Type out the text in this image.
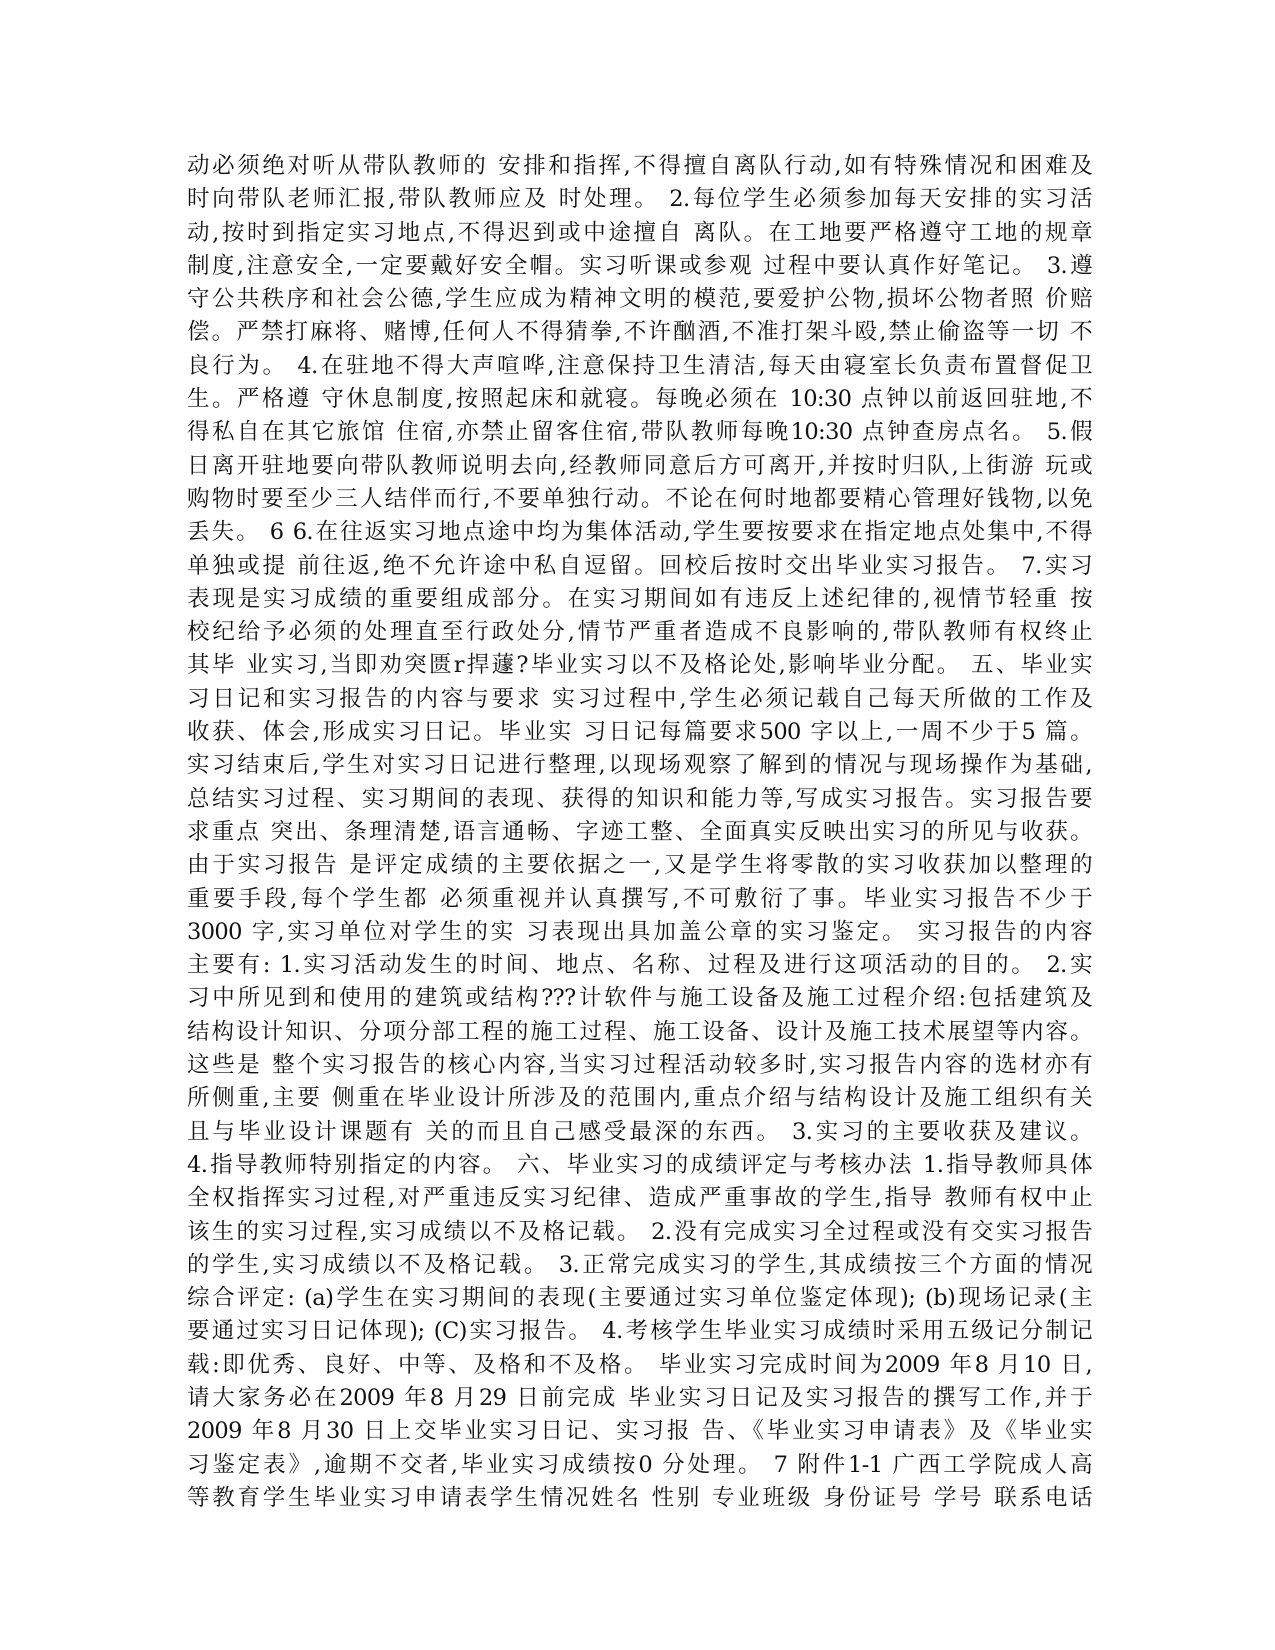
动必须绝对听从带队教师的 安排和指挥,不得擅自离队行动,如有特殊情况和困难及
时向带队老师汇报,带队教师应及 时处理。 2.每位学生必须参加每天安排的实习活
动,按时到指定实习地点,不得迟到或中途擅自 离队。在工地要严格遵守工地的规章
制度,注意安全,一定要戴好安全帽。实习听课或参观 过程中要认真作好笔记。 3.遵
守公共秩序和社会公德,学生应成为精神文明的模范,要爱护公物,损坏公物者照 价赔
偿。严禁打麻将、赌博,任何人不得猜拳,不许酗酒,不准打架斗殴,禁止偷盗等一切 不
良行为。 4.在驻地不得大声喧哗,注意保持卫生清洁,每天由寝室长负责布置督促卫
生。严格遵 守休息制度,按照起床和就寝。每晚必须在 10:30 点钟以前返回驻地,不
得私自在其它旅馆 住宿,亦禁止留客住宿,带队教师每晚10:30 点钟查房点名。 5.假
日离开驻地要向带队教师说明去向,经教师同意后方可离开,并按时归队,上街游 玩或
购物时要至少三人结伴而行,不要单独行动。不论在何时地都要精心管理好钱物,以免
丢失。 6 6.在往返实习地点途中均为集体活动,学生要按要求在指定地点处集中,不得
单独或提 前往返,绝不允许途中私自逗留。回校后按时交出毕业实习报告。 7.实习
表现是实习成绩的重要组成部分。在实习期间如有违反上述纪律的,视情节轻重 按
校纪给予必须的处理直至行政处分,情节严重者造成不良影响的,带队教师有权终止
其毕 业实习,当即劝突匮r捍蘧?毕业实习以不及格论处,影响毕业分配。 五、毕业实
习日记和实习报告的内容与要求 实习过程中,学生必须记载自己每天所做的工作及
收获、体会,形成实习日记。毕业实 习日记每篇要求500 字以上,一周不少于5 篇。
实习结束后,学生对实习日记进行整理,以现场观察了解到的情况与现场操作为基础,
总结实习过程、实习期间的表现、获得的知识和能力等,写成实习报告。实习报告要
求重点 突出、条理清楚,语言通畅、字迹工整、全面真实反映出实习的所见与收获。
由于实习报告 是评定成绩的主要依据之一,又是学生将零散的实习收获加以整理的
重要手段,每个学生都 必须重视并认真撰写,不可敷衍了事。毕业实习报告不少于
3000 字,实习单位对学生的实 习表现出具加盖公章的实习鉴定。 实习报告的内容
主要有: 1.实习活动发生的时间、地点、名称、过程及进行这项活动的目的。 2.实
习中所见到和使用的建筑或结构???计软件与施工设备及施工过程介绍:包括建筑及
结构设计知识、分项分部工程的施工过程、施工设备、设计及施工技术展望等内容。
这些是 整个实习报告的核心内容,当实习过程活动较多时,实习报告内容的选材亦有
所侧重,主要 侧重在毕业设计所涉及的范围内,重点介绍与结构设计及施工组织有关
且与毕业设计课题有 关的而且自己感受最深的东西。 3.实习的主要收获及建议。
4.指导教师特别指定的内容。 六、毕业实习的成绩评定与考核办法 1.指导教师具体
全权指挥实习过程,对严重违反实习纪律、造成严重事故的学生,指导 教师有权中止
该生的实习过程,实习成绩以不及格记载。 2.没有完成实习全过程或没有交实习报告
的学生,实习成绩以不及格记载。 3.正常完成实习的学生,其成绩按三个方面的情况
综合评定: (a)学生在实习期间的表现(主要通过实习单位鉴定体现); (b)现场记录(主
要通过实习日记体现); (C)实习报告。 4.考核学生毕业实习成绩时采用五级记分制记
载:即优秀、良好、中等、及格和不及格。 毕业实习完成时间为2009 年8 月10 日,
请大家务必在2009 年8 月29 日前完成 毕业实习日记及实习报告的撰写工作,并于
2009 年8 月30 日上交毕业实习日记、实习报 告、《毕业实习申请表》及《毕业实
习鉴定表》,逾期不交者,毕业实习成绩按0 分处理。 7 附件1-1 广西工学院成人高
等教育学生毕业实习申请表学生情况姓名 性别 专业班级 身份证号 学号 联系电话
